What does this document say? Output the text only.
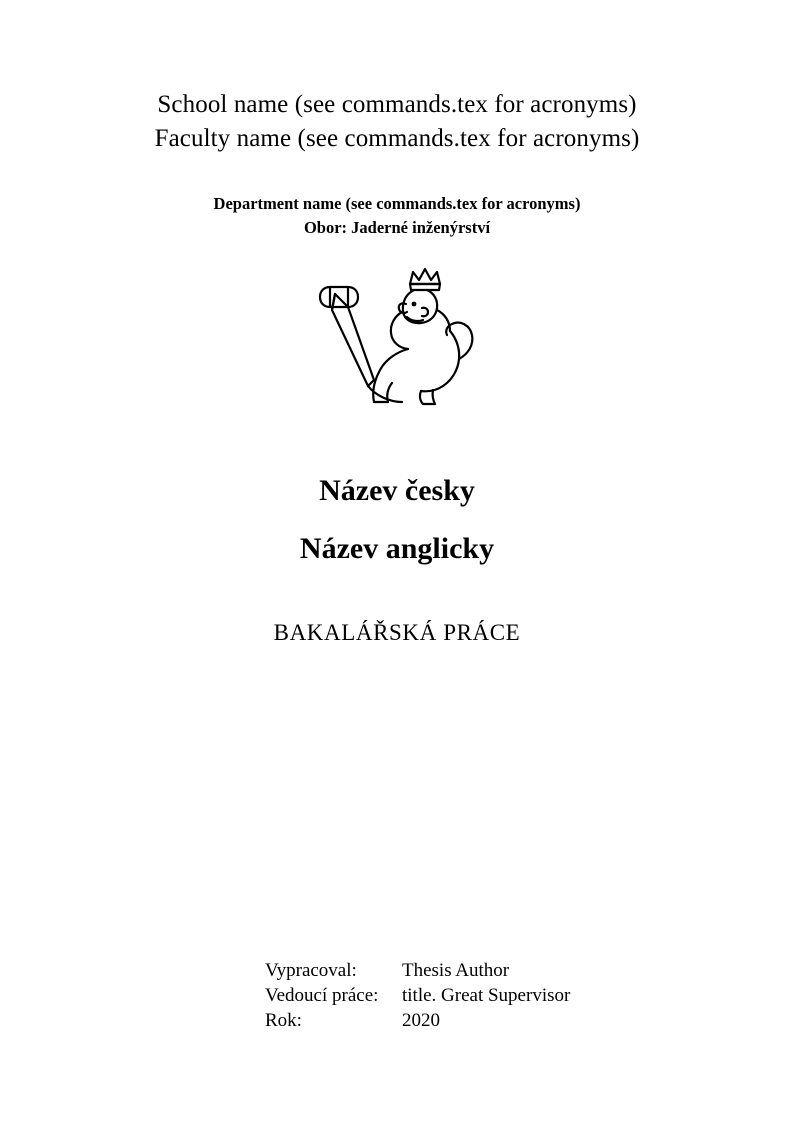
School name (see commands.tex for acronyms)
Faculty name (see commands.tex for acronyms)
Department name (see commands.tex for acronyms)
Obor: Jaderné inženýrství
Název česky
Název anglicky
BAKALÁŘSKÁ PRÁCE
Vypracoval:	Thesis Author
Vedoucí práce:	title. Great Supervisor
Rok:	2020
